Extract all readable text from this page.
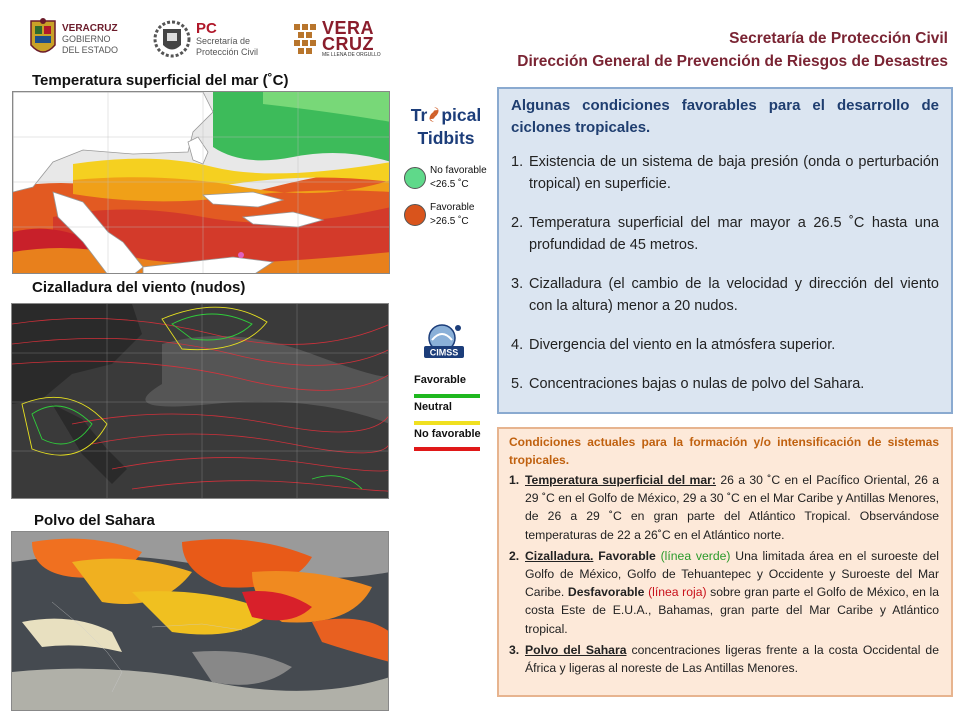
VERACRUZ
GOBIERNO
DEL ESTADO
PC
Secretaría de
Protección Civil
VERA
CRUZ
ME LLENA DE ORGULLO
Secretaría de Protección Civil
Dirección General de Prevención de Riesgos de Desastres
Temperatura superficial del mar (˚C)
Cizalladura del viento (nudos)
Polvo del Sahara
Tr pical
Tidbits
No favorable
<26.5 ˚C
Favorable
>26.5 ˚C
CIMSS
Favorable
Neutral
No favorable
Algunas condiciones favorables para el desarrollo de ciclones tropicales.
1. Existencia de un sistema de baja presión (onda o perturbación tropical) en superficie.
2. Temperatura superficial del mar mayor a 26.5 ˚C hasta una profundidad de 45 metros.
3. Cizalladura (el cambio de la velocidad y dirección del viento con la altura) menor a 20 nudos.
4. Divergencia del viento en la atmósfera superior.
5. Concentraciones bajas o nulas de polvo del Sahara.
Condiciones actuales para la formación y/o intensificación de sistemas tropicales.
1. Temperatura superficial del mar: 26 a 30 ˚C en el Pacífico Oriental, 26 a 29 ˚C en el Golfo de México, 29 a 30 ˚C en el Mar Caribe y Antillas Menores, de 26 a 29 ˚C en gran parte del Atlántico Tropical. Observándose temperaturas de 22 a 26˚C en el Atlántico norte.
2. Cizalladura. Favorable (línea verde) Una limitada área en el suroeste del Golfo de México, Golfo de Tehuantepec y Occidente y Suroeste del Mar Caribe. Desfavorable (línea roja) sobre gran parte el Golfo de México, en la costa Este de E.U.A., Bahamas, gran parte del Mar Caribe y Atlántico tropical.
3. Polvo del Sahara concentraciones ligeras frente a la costa Occidental de África y ligeras al noreste de Las Antillas Menores.
